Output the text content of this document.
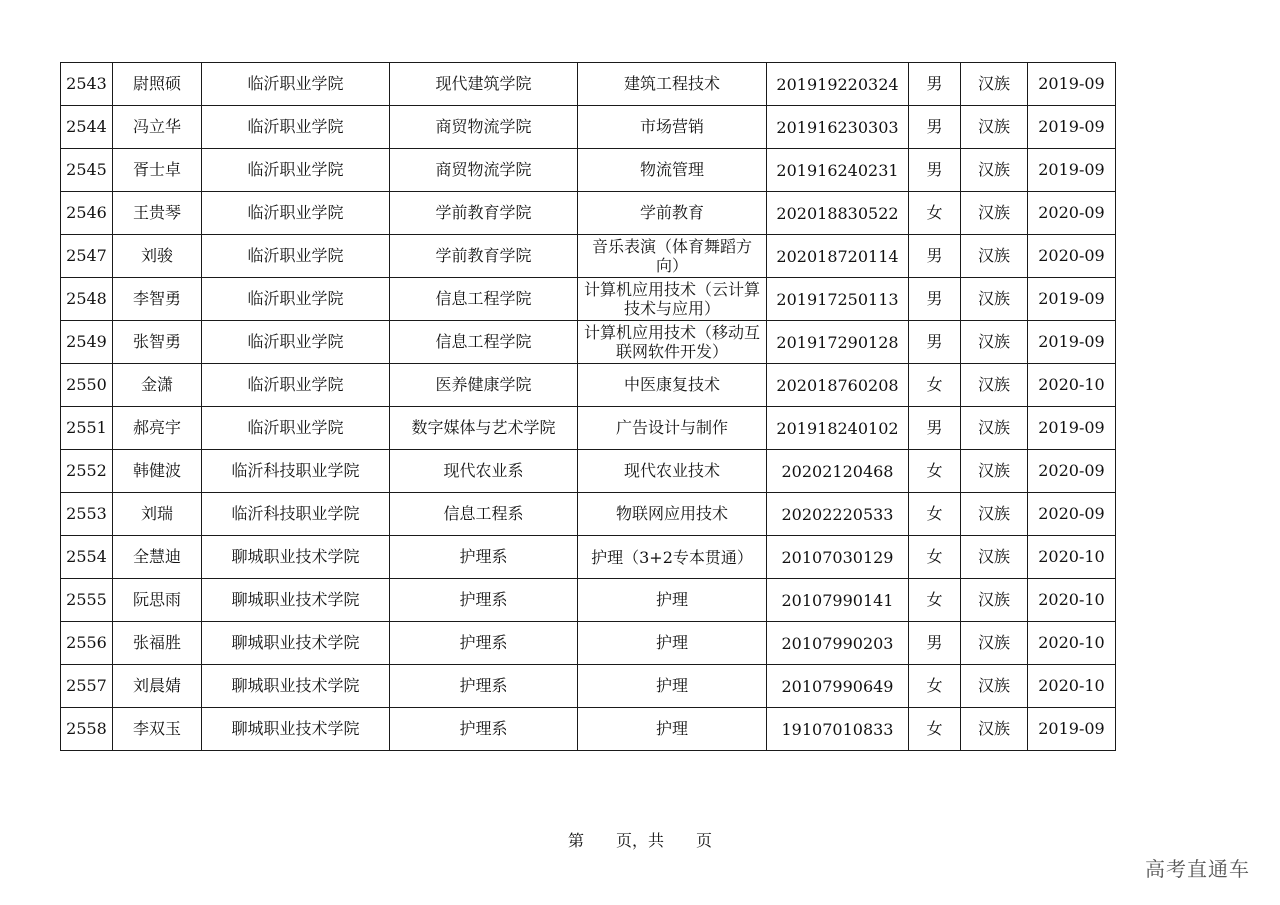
2543	尉照硕	临沂职业学院	现代建筑学院	建筑工程技术	201919220324	男	汉族	2019-09
2544	冯立华	临沂职业学院	商贸物流学院	市场营销	201916230303	男	汉族	2019-09
2545	胥士卓	临沂职业学院	商贸物流学院	物流管理	201916240231	男	汉族	2019-09
2546	王贵琴	临沂职业学院	学前教育学院	学前教育	202018830522	女	汉族	2020-09
2547	刘骏	临沂职业学院	学前教育学院	音乐表演（体育舞蹈方向）	202018720114	男	汉族	2020-09
2548	李智勇	临沂职业学院	信息工程学院	计算机应用技术（云计算技术与应用）	201917250113	男	汉族	2019-09
2549	张智勇	临沂职业学院	信息工程学院	计算机应用技术（移动互联网软件开发）	201917290128	男	汉族	2019-09
2550	金潇	临沂职业学院	医养健康学院	中医康复技术	202018760208	女	汉族	2020-10
2551	郝亮宇	临沂职业学院	数字媒体与艺术学院	广告设计与制作	201918240102	男	汉族	2019-09
2552	韩健波	临沂科技职业学院	现代农业系	现代农业技术	20202120468	女	汉族	2020-09
2553	刘瑞	临沂科技职业学院	信息工程系	物联网应用技术	20202220533	女	汉族	2020-09
2554	全慧迪	聊城职业技术学院	护理系	护理（3+2专本贯通）	20107030129	女	汉族	2020-10
2555	阮思雨	聊城职业技术学院	护理系	护理	20107990141	女	汉族	2020-10
2556	张福胜	聊城职业技术学院	护理系	护理	20107990203	男	汉族	2020-10
2557	刘晨婧	聊城职业技术学院	护理系	护理	20107990649	女	汉族	2020-10
2558	李双玉	聊城职业技术学院	护理系	护理	19107010833	女	汉族	2019-09
第　　页，共　　页
高考直通车
